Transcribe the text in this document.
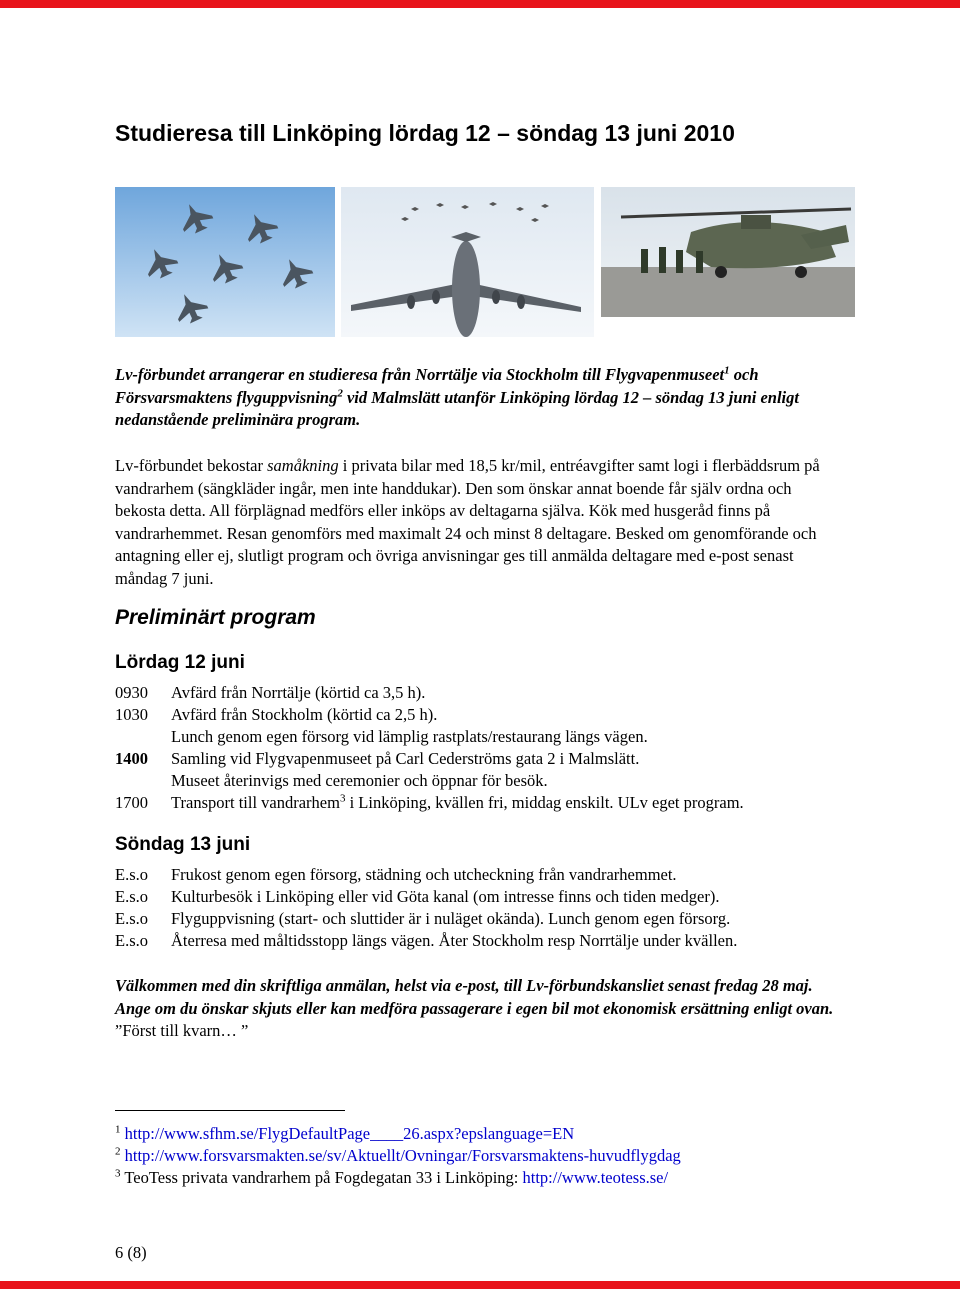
Studieresa till Linköping lördag 12 – söndag 13 juni 2010
Lv-förbundet arrangerar en studieresa från Norrtälje via Stockholm till Flygvapenmuseet$^1$ och Försvarsmaktens flyguppvisning$^2$ vid Malmslätt utanför Linköping lördag 12 – söndag 13 juni enligt nedanstående preliminära program.
Lv-förbundet bekostar samåkning i privata bilar med 18,5 kr/mil, entréavgifter samt logi i flerbäddsrum på vandrarhem (sängkläder ingår, men inte handdukar). Den som önskar annat boende får själv ordna och bekosta detta. All förplägnad medförs eller inköps av deltagarna själva. Kök med husgeråd finns på vandrarhemmet. Resan genomförs med maximalt 24 och minst 8 deltagare. Besked om genomförande och antagning eller ej, slutligt program och övriga anvisningar ges till anmälda deltagare med e-post senast måndag 7 juni.
Preliminärt program
Lördag 12 juni
0930 Avfärd från Norrtälje (körtid ca 3,5 h).
1030 Avfärd från Stockholm (körtid ca 2,5 h).
Lunch genom egen försorg vid lämplig rastplats/restaurang längs vägen.
1400 Samling vid Flygvapenmuseet på Carl Cederströms gata 2 i Malmslätt.
Museet återinvigs med ceremonier och öppnar för besök.
1700 Transport till vandrarhem$^3$ i Linköping, kvällen fri, middag enskilt. ULv eget program.
Söndag 13 juni
E.s.o Frukost genom egen försorg, städning och utcheckning från vandrarhemmet.
E.s.o Kulturbesök i Linköping eller vid Göta kanal (om intresse finns och tiden medger).
E.s.o Flyguppvisning (start- och sluttider är i nuläget okända). Lunch genom egen försorg.
E.s.o Återresa med måltidsstopp längs vägen. Åter Stockholm resp Norrtälje under kvällen.
Välkommen med din skriftliga anmälan, helst via e-post, till Lv-förbundskansliet senast fredag 28 maj. Ange om du önskar skjuts eller kan medföra passagerare i egen bil mot ekonomisk ersättning enligt ovan. ”Först till kvarn… ”
$^1$ http://www.sfhm.se/FlygDefaultPage____26.aspx?epslanguage=EN
$^2$ http://www.forsvarsmakten.se/sv/Aktuellt/Ovningar/Forsvarsmaktens-huvudflygdag
$^3$ TeoTess privata vandrarhem på Fogdegatan 33 i Linköping: http://www.teotess.se/
6 (8)
